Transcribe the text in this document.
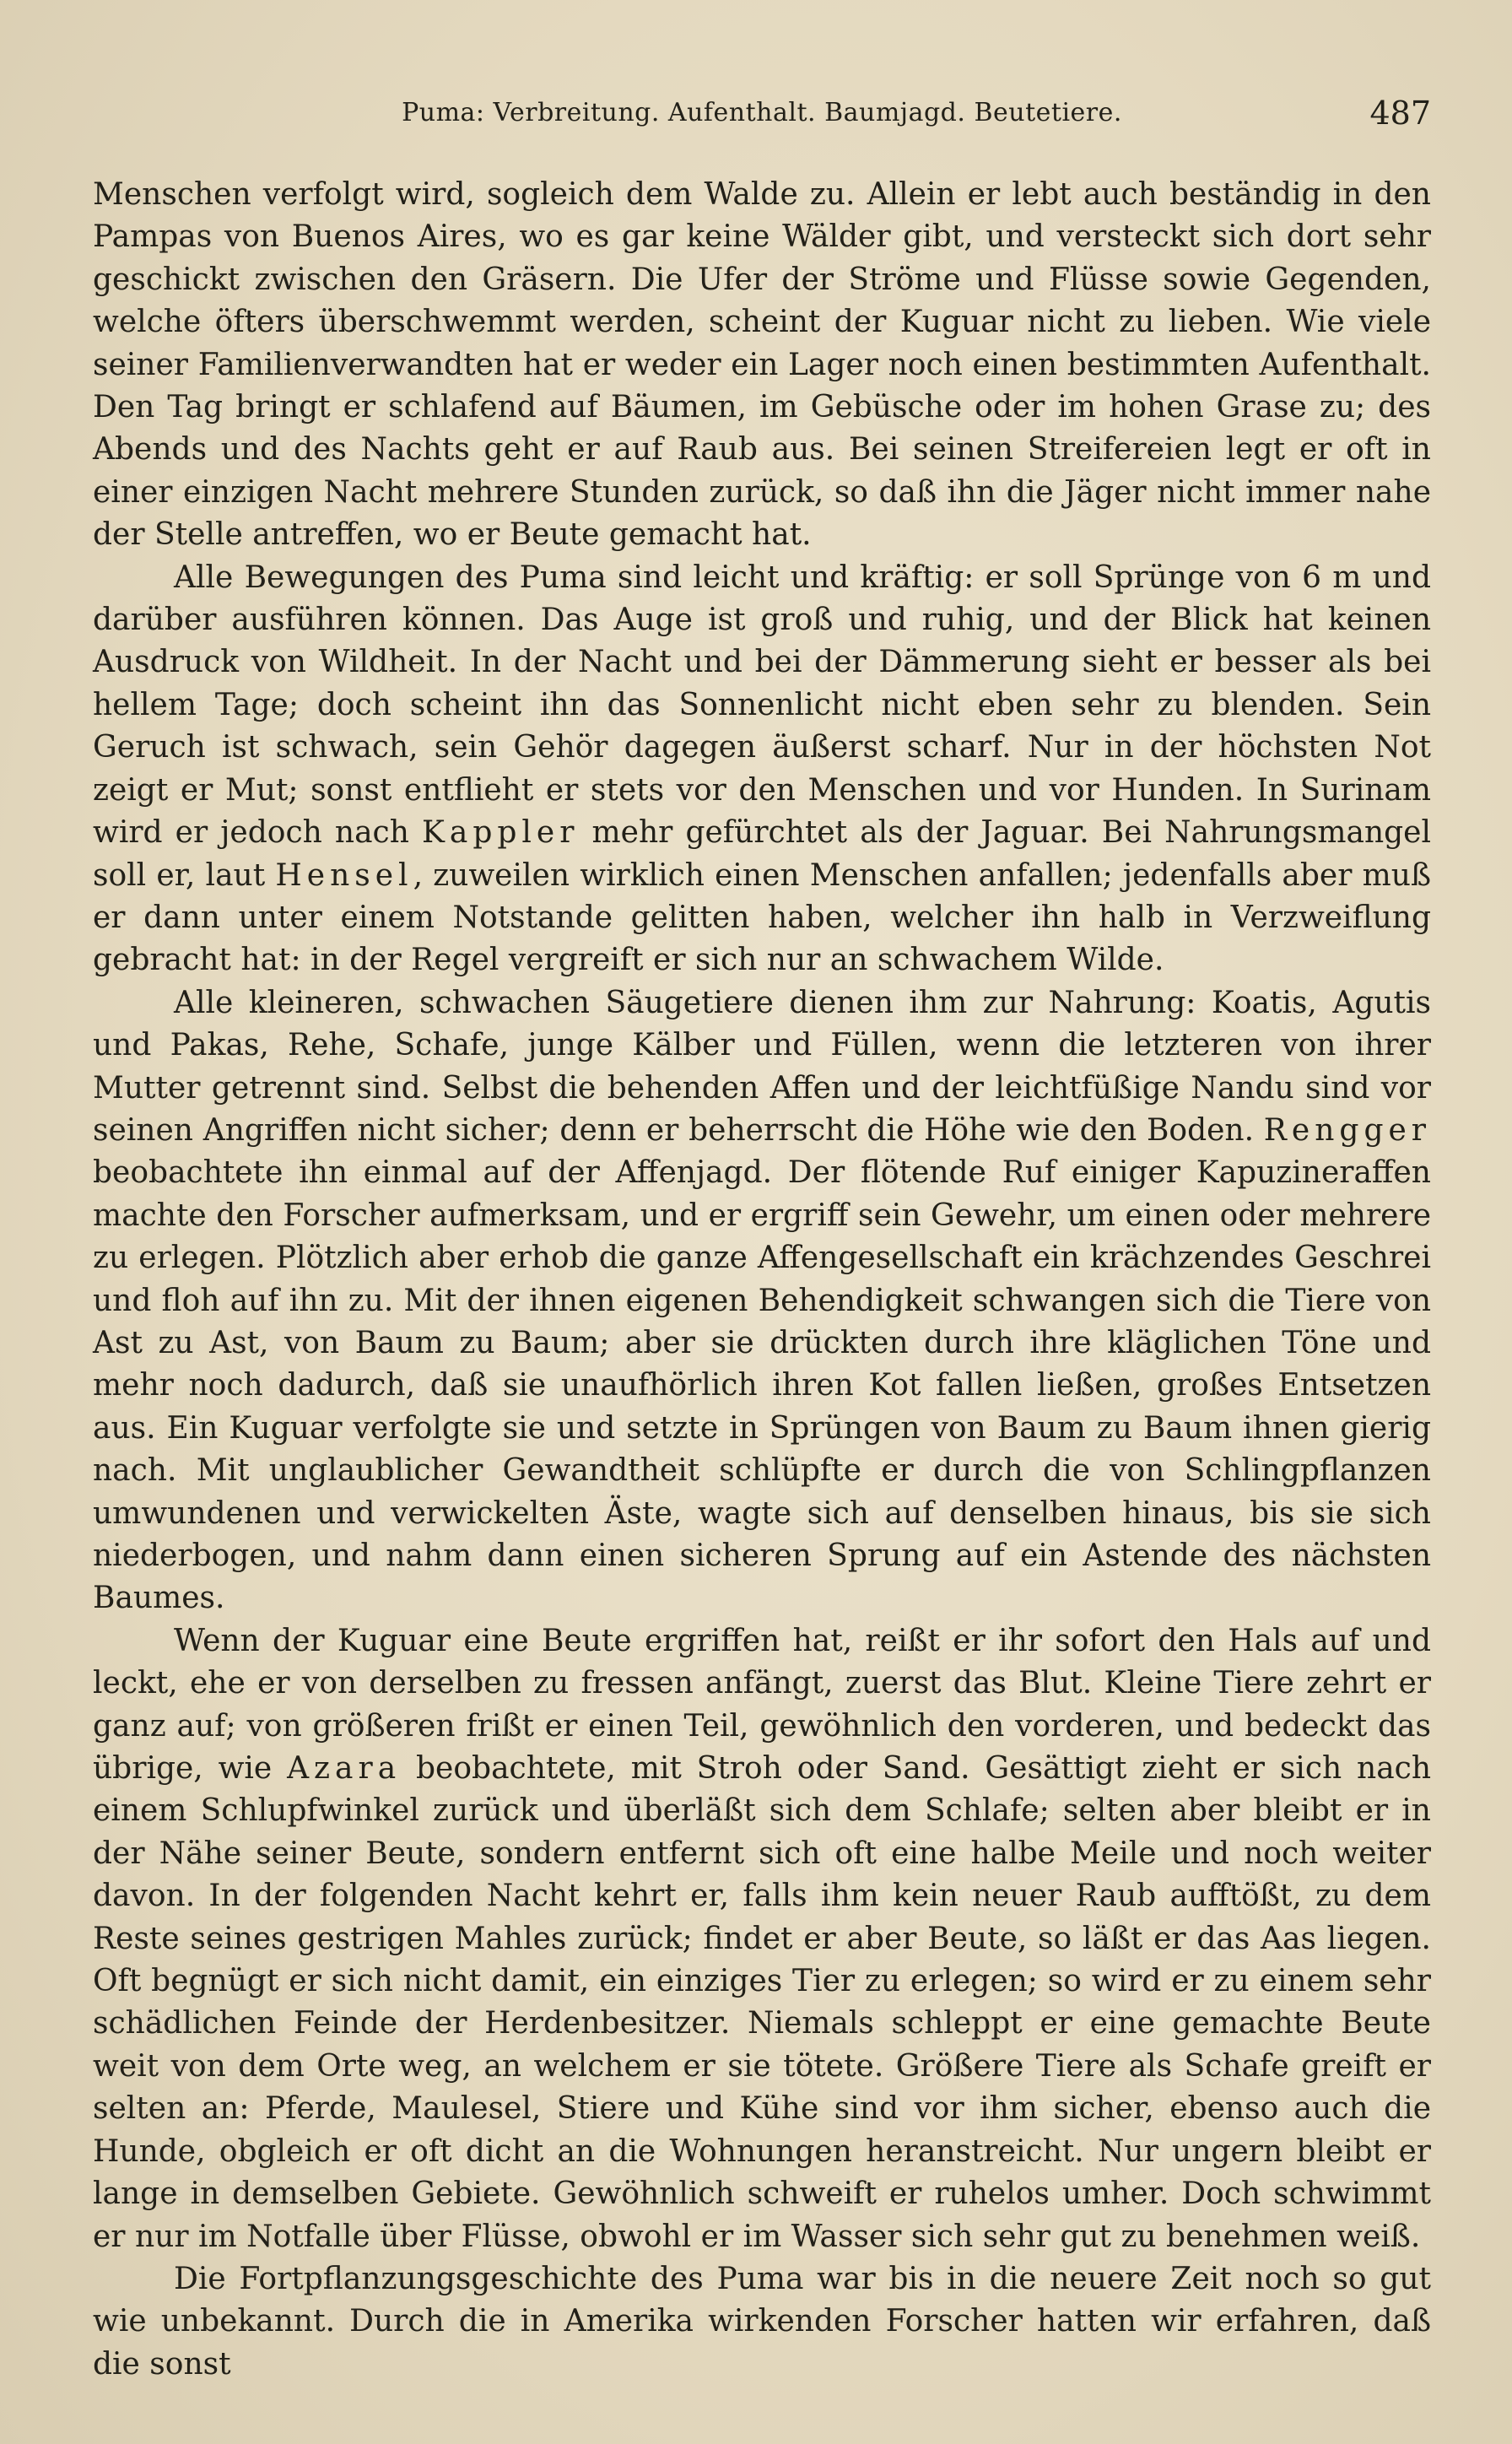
Puma: Verbreitung. Aufenthalt. Baumjagd. Beutetiere.	487

Menschen verfolgt wird, sogleich dem Walde zu. Allein er lebt auch beständig in den Pampas von Buenos Aires, wo es gar keine Wälder gibt, und versteckt sich dort sehr geschickt zwischen den Gräsern. Die Ufer der Ströme und Flüsse sowie Gegenden, welche öfters überschwemmt werden, scheint der Kuguar nicht zu lieben. Wie viele seiner Familienverwandten hat er weder ein Lager noch einen bestimmten Aufenthalt. Den Tag bringt er schlafend auf Bäumen, im Gebüsche oder im hohen Grase zu; des Abends und des Nachts geht er auf Raub aus. Bei seinen Streifereien legt er oft in einer einzigen Nacht mehrere Stunden zurück, so daß ihn die Jäger nicht immer nahe der Stelle antreffen, wo er Beute gemacht hat.

Alle Bewegungen des Puma sind leicht und kräftig: er soll Sprünge von 6 m und darüber ausführen können. Das Auge ist groß und ruhig, und der Blick hat keinen Ausdruck von Wildheit. In der Nacht und bei der Dämmerung sieht er besser als bei hellem Tage; doch scheint ihn das Sonnenlicht nicht eben sehr zu blenden. Sein Geruch ist schwach, sein Gehör dagegen äußerst scharf. Nur in der höchsten Not zeigt er Mut; sonst entflieht er stets vor den Menschen und vor Hunden. In Surinam wird er jedoch nach Kappler mehr gefürchtet als der Jaguar. Bei Nahrungsmangel soll er, laut Hensel, zuweilen wirklich einen Menschen anfallen; jedenfalls aber muß er dann unter einem Notstande gelitten haben, welcher ihn halb in Verzweiflung gebracht hat: in der Regel vergreift er sich nur an schwachem Wilde.

Alle kleineren, schwachen Säugetiere dienen ihm zur Nahrung: Koatis, Agutis und Pakas, Rehe, Schafe, junge Kälber und Füllen, wenn die letzteren von ihrer Mutter getrennt sind. Selbst die behenden Affen und der leichtfüßige Nandu sind vor seinen Angriffen nicht sicher; denn er beherrscht die Höhe wie den Boden. Rengger beobachtete ihn einmal auf der Affenjagd. Der flötende Ruf einiger Kapuzineraffen machte den Forscher aufmerksam, und er ergriff sein Gewehr, um einen oder mehrere zu erlegen. Plötzlich aber erhob die ganze Affengesellschaft ein krächzendes Geschrei und floh auf ihn zu. Mit der ihnen eigenen Behendigkeit schwangen sich die Tiere von Ast zu Ast, von Baum zu Baum; aber sie drückten durch ihre kläglichen Töne und mehr noch dadurch, daß sie unaufhörlich ihren Kot fallen ließen, großes Entsetzen aus. Ein Kuguar verfolgte sie und setzte in Sprüngen von Baum zu Baum ihnen gierig nach. Mit unglaublicher Gewandtheit schlüpfte er durch die von Schlingpflanzen umwundenen und verwickelten Äste, wagte sich auf denselben hinaus, bis sie sich niederbogen, und nahm dann einen sicheren Sprung auf ein Astende des nächsten Baumes.

Wenn der Kuguar eine Beute ergriffen hat, reißt er ihr sofort den Hals auf und leckt, ehe er von derselben zu fressen anfängt, zuerst das Blut. Kleine Tiere zehrt er ganz auf; von größeren frißt er einen Teil, gewöhnlich den vorderen, und bedeckt das übrige, wie Azara beobachtete, mit Stroh oder Sand. Gesättigt zieht er sich nach einem Schlupfwinkel zurück und überläßt sich dem Schlafe; selten aber bleibt er in der Nähe seiner Beute, sondern entfernt sich oft eine halbe Meile und noch weiter davon. In der folgenden Nacht kehrt er, falls ihm kein neuer Raub aufftößt, zu dem Reste seines gestrigen Mahles zurück; findet er aber Beute, so läßt er das Aas liegen. Oft begnügt er sich nicht damit, ein einziges Tier zu erlegen; so wird er zu einem sehr schädlichen Feinde der Herdenbesitzer. Niemals schleppt er eine gemachte Beute weit von dem Orte weg, an welchem er sie tötete. Größere Tiere als Schafe greift er selten an: Pferde, Maulesel, Stiere und Kühe sind vor ihm sicher, ebenso auch die Hunde, obgleich er oft dicht an die Wohnungen heranstreicht. Nur ungern bleibt er lange in demselben Gebiete. Gewöhnlich schweift er ruhelos umher. Doch schwimmt er nur im Notfalle über Flüsse, obwohl er im Wasser sich sehr gut zu benehmen weiß.

Die Fortpflanzungsgeschichte des Puma war bis in die neuere Zeit noch so gut wie unbekannt. Durch die in Amerika wirkenden Forscher hatten wir erfahren, daß die sonst
